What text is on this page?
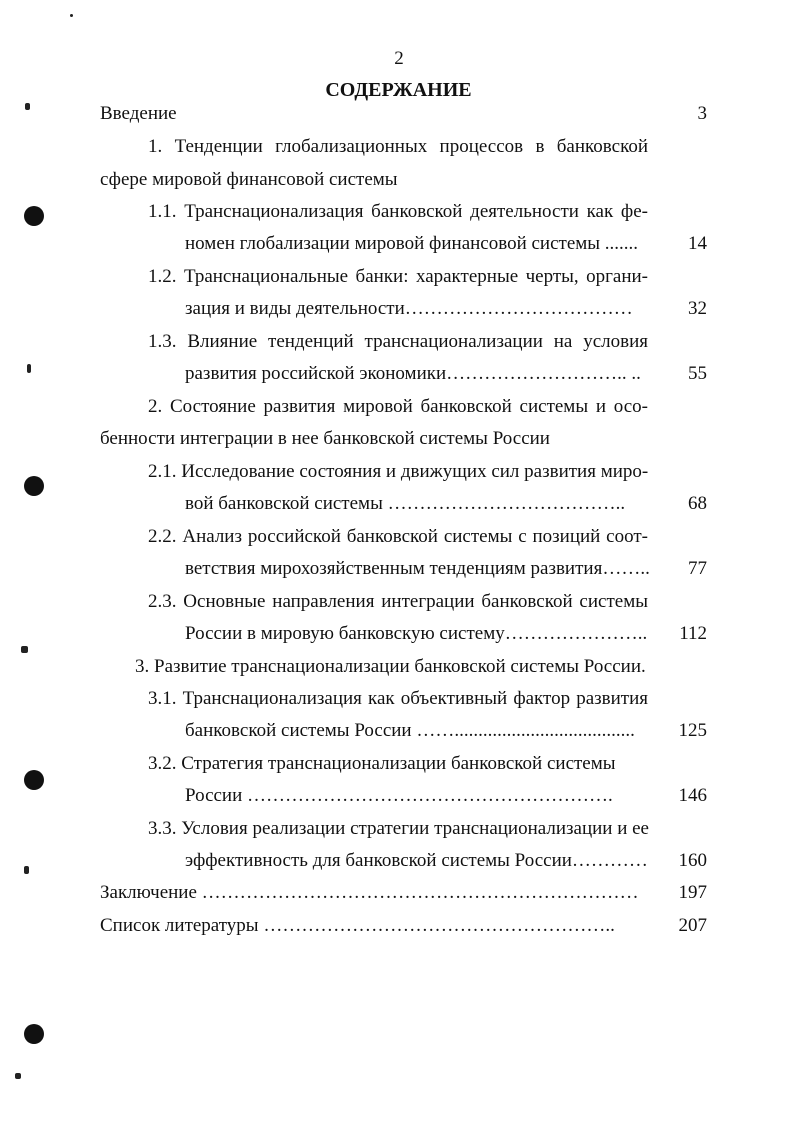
2
СОДЕРЖАНИЕ
Введение	3
1. Тенденции глобализационных процессов в банковской
сфере мировой финансовой системы
1.1. Транснационализация банковской деятельности как фе-
номен глобализации мировой финансовой системы .......	14
1.2. Транснациональные банки: характерные черты, органи-
зация и виды деятельности………………………………	32
1.3. Влияние тенденций транснационализации на условия
развития российской экономики……………………….. .. 55
2. Состояние развития мировой банковской системы и осо-
бенности интеграции в нее банковской системы России
2.1. Исследование состояния и движущих сил развития миро-
вой банковской системы ………………………………..	68
2.2. Анализ российской банковской системы с позиций соот-
ветствия мирохозяйственным тенденциям развития…….. 77
2.3. Основные направления интеграции банковской системы
России в мировую банковскую систему………………….. 112
3. Развитие транснационализации банковской системы России.
3.1. Транснационализация как объективный фактор развития
банковской системы России ……...................................... 125
3.2. Стратегия транснационализации банковской системы
России ………………………………………………….	146
3.3. Условия реализации стратегии транснационализации и ее
эффективность для банковской системы России………… 160
Заключение …………………………………………………………… 197
Список литературы ………………………………………………..	207
